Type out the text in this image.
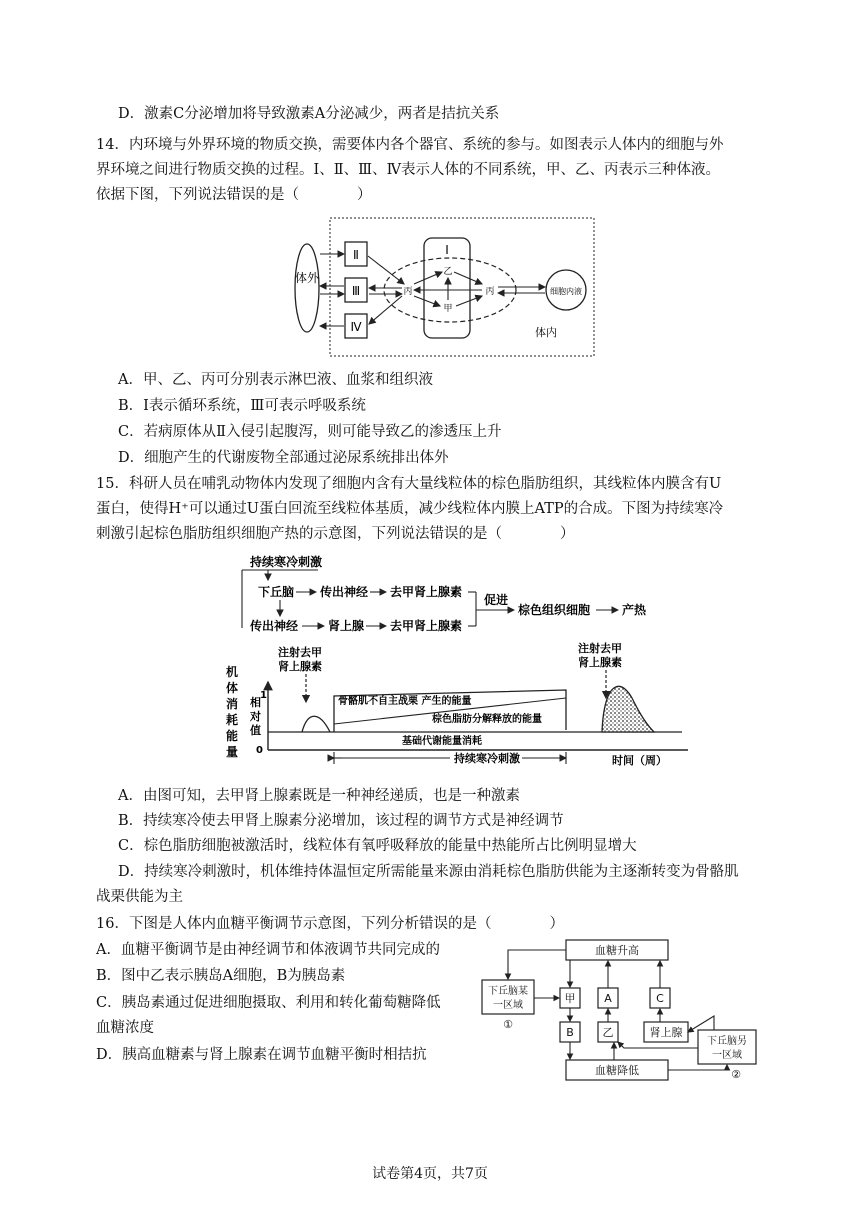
D．激素C分泌增加将导致激素A分泌减少，两者是拮抗关系
14．内环境与外界环境的物质交换，需要体内各个器官、系统的参与。如图表示人体内的细胞与外
界环境之间进行物质交换的过程。Ⅰ、Ⅱ、Ⅲ、Ⅳ表示人体的不同系统，甲、乙、丙表示三种体液。
依据下图，下列说法错误的是（　　　　）
体外
Ⅱ
Ⅲ
Ⅳ
Ⅰ
乙
甲
丙	丙	细胞内液
体内
A．甲、乙、丙可分别表示淋巴液、血浆和组织液
B．Ⅰ表示循环系统，Ⅲ可表示呼吸系统
C．若病原体从Ⅱ入侵引起腹泻，则可能导致乙的渗透压上升
D．细胞产生的代谢废物全部通过泌尿系统排出体外
15．科研人员在哺乳动物体内发现了细胞内含有大量线粒体的棕色脂肪组织，其线粒体内膜含有U
蛋白，使得H⁺可以通过U蛋白回流至线粒体基质，减少线粒体内膜上ATP的合成。下图为持续寒冷
刺激引起棕色脂肪组织细胞产热的示意图，下列说法错误的是（　　　　）
持续寒冷刺激
下丘脑 传出神经 去甲肾上腺素
传出神经 肾上腺 去甲肾上腺素
促进
棕色组织细胞	产热
机 体 消 耗 能 量
相 对 值
1
0
基础代谢能量消耗
骨骼肌不自主战栗 产生的能量
棕色脂肪分解释放的能量
注射去甲 肾上腺素
注射去甲 肾上腺素
持续寒冷刺激	时间（周）
A．由图可知，去甲肾上腺素既是一种神经递质，也是一种激素
B．持续寒冷使去甲肾上腺素分泌增加，该过程的调节方式是神经调节
C．棕色脂肪细胞被激活时，线粒体有氧呼吸释放的能量中热能所占比例明显增大
D．持续寒冷刺激时，机体维持体温恒定所需能量来源由消耗棕色脂肪供能为主逐渐转变为骨骼肌
战栗供能为主
16．下图是人体内血糖平衡调节示意图，下列分析错误的是（　　　　）
A．血糖平衡调节是由神经调节和体液调节共同完成的
B．图中乙表示胰岛A细胞，B为胰岛素
C．胰岛素通过促进细胞摄取、利用和转化葡萄糖降低
血糖浓度
D．胰高血糖素与肾上腺素在调节血糖平衡时相拮抗
血糖升高
血糖降低
下丘脑某一区域
①
甲
B
A
乙
C
肾上腺
下丘脑另一区域
②
试卷第4页，共7页
